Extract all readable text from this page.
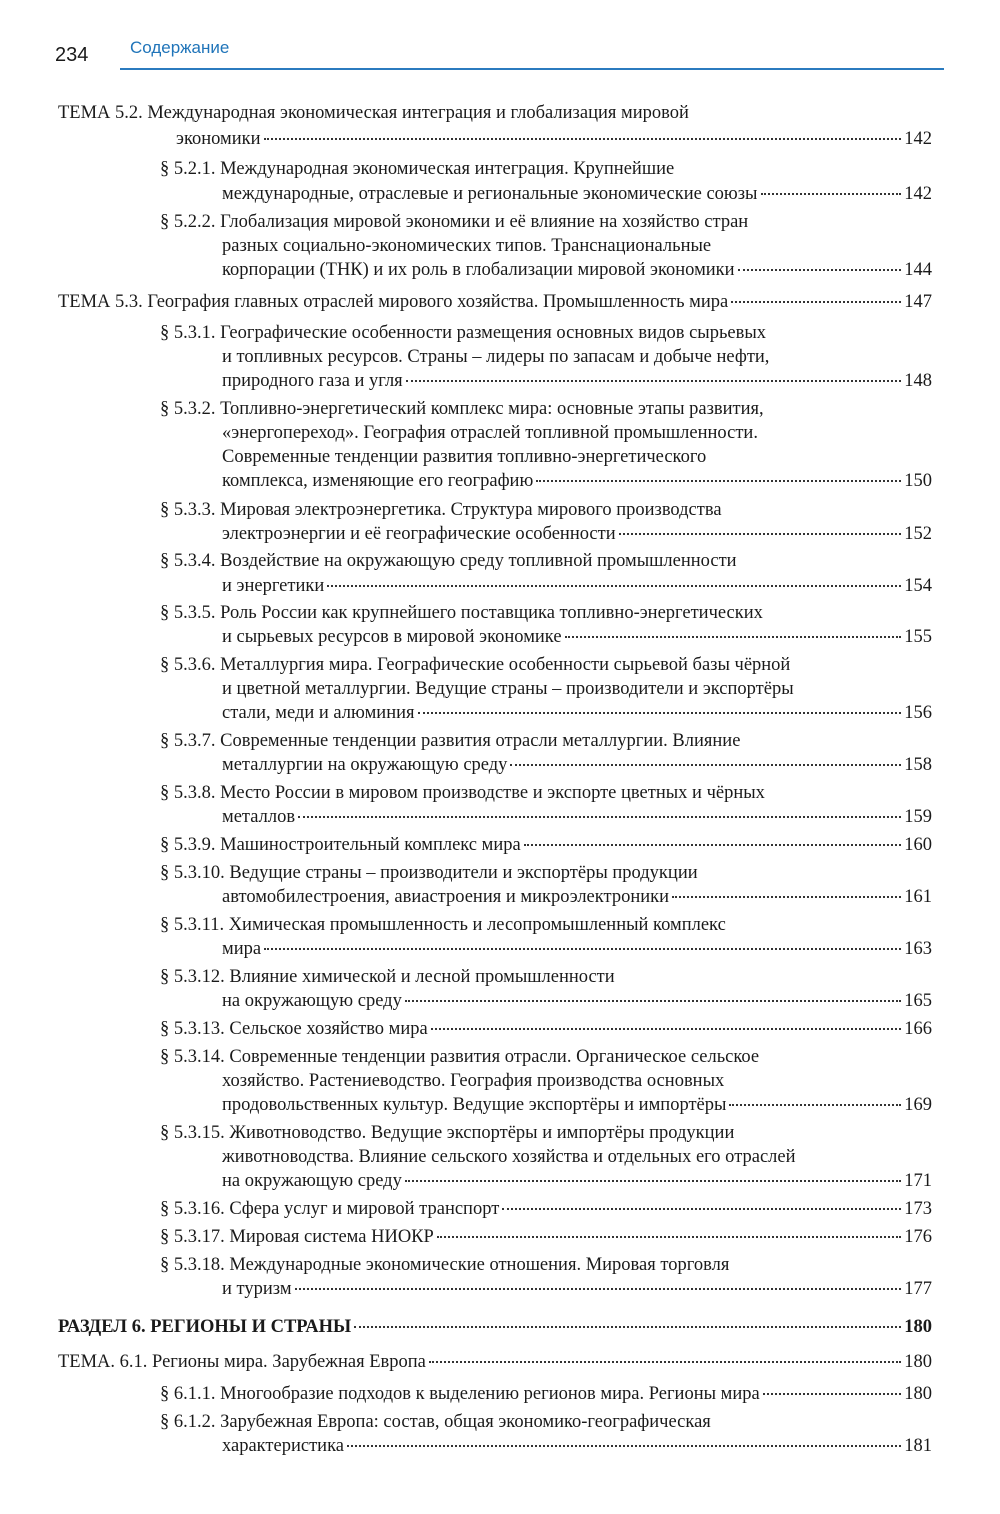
234 Содержание
ТЕМА 5.2. Международная экономическая интеграция и глобализация мировой
экономики	142
§ 5.2.1. Международная экономическая интеграция. Крупнейшие
международные, отраслевые и региональные экономические союзы	142
§ 5.2.2. Глобализация мировой экономики и её влияние на хозяйство стран
разных социально-экономических типов. Транснациональные
корпорации (ТНК) и их роль в глобализации мировой экономики	144
ТЕМА 5.3. География главных отраслей мирового хозяйства. Промышленность мира	147
§ 5.3.1. Географические особенности размещения основных видов сырьевых
и топливных ресурсов. Страны – лидеры по запасам и добыче нефти,
природного газа и угля	148
§ 5.3.2. Топливно-энергетический комплекс мира: основные этапы развития,
«энергопереход». География отраслей топливной промышленности.
Современные тенденции развития топливно-энергетического
комплекса, изменяющие его географию	150
§ 5.3.3. Мировая электроэнергетика. Структура мирового производства
электроэнергии и её географические особенности	152
§ 5.3.4. Воздействие на окружающую среду топливной промышленности
и энергетики	154
§ 5.3.5. Роль России как крупнейшего поставщика топливно-энергетических
и сырьевых ресурсов в мировой экономике	155
§ 5.3.6. Металлургия мира. Географические особенности сырьевой базы чёрной
и цветной металлургии. Ведущие страны – производители и экспортёры
стали, меди и алюминия	156
§ 5.3.7. Современные тенденции развития отрасли металлургии. Влияние
металлургии на окружающую среду	158
§ 5.3.8. Место России в мировом производстве и экспорте цветных и чёрных
металлов	159
§ 5.3.9. Машиностроительный комплекс мира	160
§ 5.3.10. Ведущие страны – производители и экспортёры продукции
автомобилестроения, авиастроения и микроэлектроники	161
§ 5.3.11. Химическая промышленность и лесопромышленный комплекс
мира	163
§ 5.3.12. Влияние химической и лесной промышленности
на окружающую среду	165
§ 5.3.13. Сельское хозяйство мира	166
§ 5.3.14. Современные тенденции развития отрасли. Органическое сельское
хозяйство. Растениеводство. География производства основных
продовольственных культур. Ведущие экспортёры и импортёры	169
§ 5.3.15. Животноводство. Ведущие экспортёры и импортёры продукции
животноводства. Влияние сельского хозяйства и отдельных его отраслей
на окружающую среду	171
§ 5.3.16. Сфера услуг и мировой транспорт	173
§ 5.3.17. Мировая система НИОКР	176
§ 5.3.18. Международные экономические отношения. Мировая торговля
и туризм	177
РАЗДЕЛ 6. РЕГИОНЫ И СТРАНЫ	180
ТЕМА. 6.1. Регионы мира. Зарубежная Европа	180
§ 6.1.1. Многообразие подходов к выделению регионов мира. Регионы мира	180
§ 6.1.2. Зарубежная Европа: состав, общая экономико-географическая
характеристика	181
